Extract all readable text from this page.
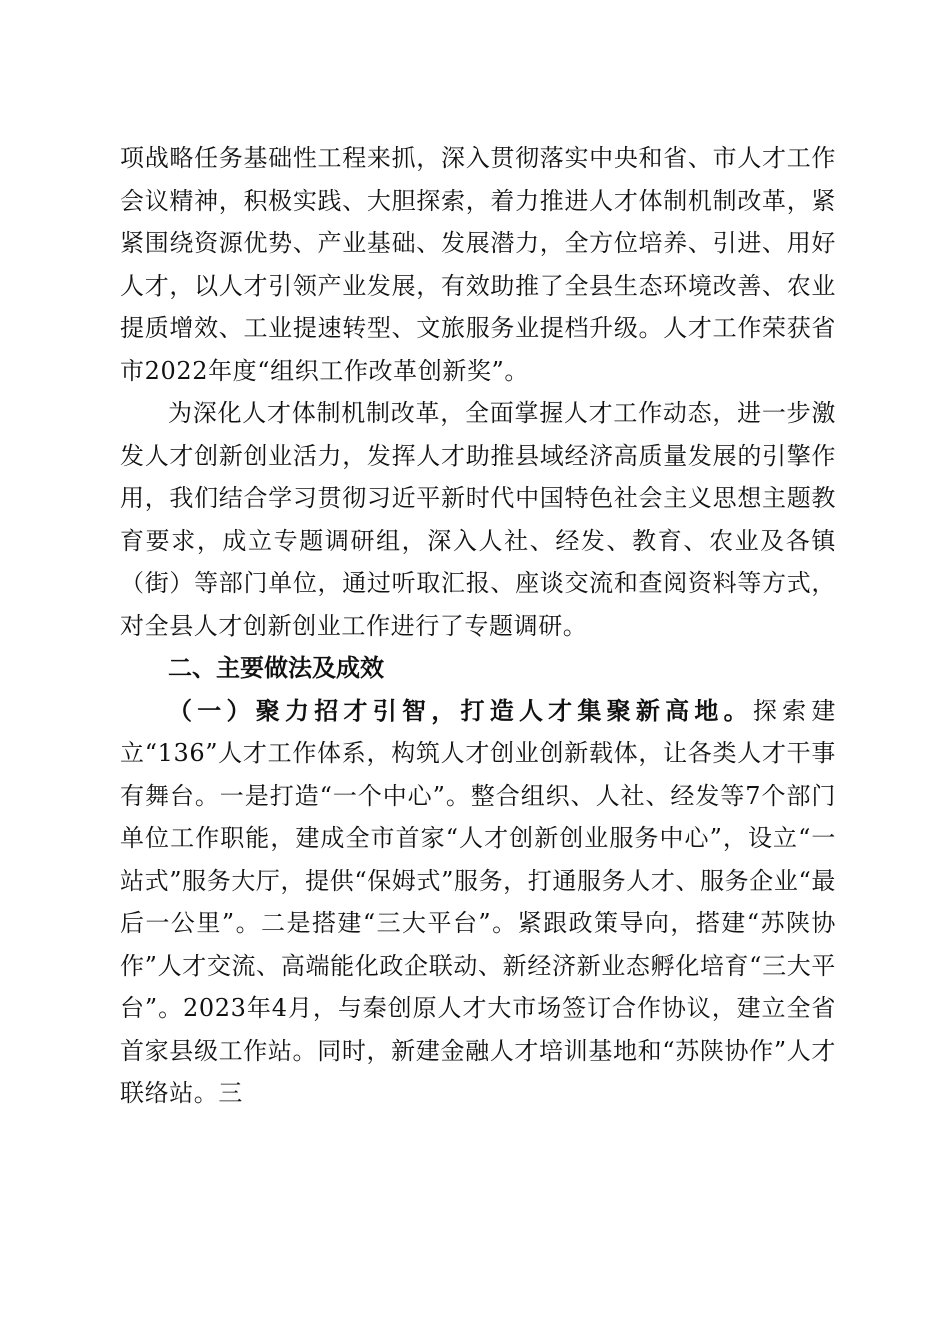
项战略任务基础性工程来抓，深入贯彻落实中央和省、市人才工作会议精神，积极实践、大胆探索，着力推进人才体制机制改革，紧紧围绕资源优势、产业基础、发展潜力，全方位培养、引进、用好人才，以人才引领产业发展，有效助推了全县生态环境改善、农业提质增效、工业提速转型、文旅服务业提档升级。人才工作荣获省市2022年度“组织工作改革创新奖”。

为深化人才体制机制改革，全面掌握人才工作动态，进一步激发人才创新创业活力，发挥人才助推县域经济高质量发展的引擎作用，我们结合学习贯彻习近平新时代中国特色社会主义思想主题教育要求，成立专题调研组，深入人社、经发、教育、农业及各镇（街）等部门单位，通过听取汇报、座谈交流和查阅资料等方式，对全县人才创新创业工作进行了专题调研。

二、主要做法及成效

（一）聚力招才引智，打造人才集聚新高地。探索建立“136”人才工作体系，构筑人才创业创新载体，让各类人才干事有舞台。一是打造“一个中心”。整合组织、人社、经发等7个部门单位工作职能，建成全市首家“人才创新创业服务中心”，设立“一站式”服务大厅，提供“保姆式”服务，打通服务人才、服务企业“最后一公里”。二是搭建“三大平台”。紧跟政策导向，搭建“苏陕协作”人才交流、高端能化政企联动、新经济新业态孵化培育“三大平台”。2023年4月，与秦创原人才大市场签订合作协议，建立全省首家县级工作站。同时，新建金融人才培训基地和“苏陕协作”人才联络站。三
